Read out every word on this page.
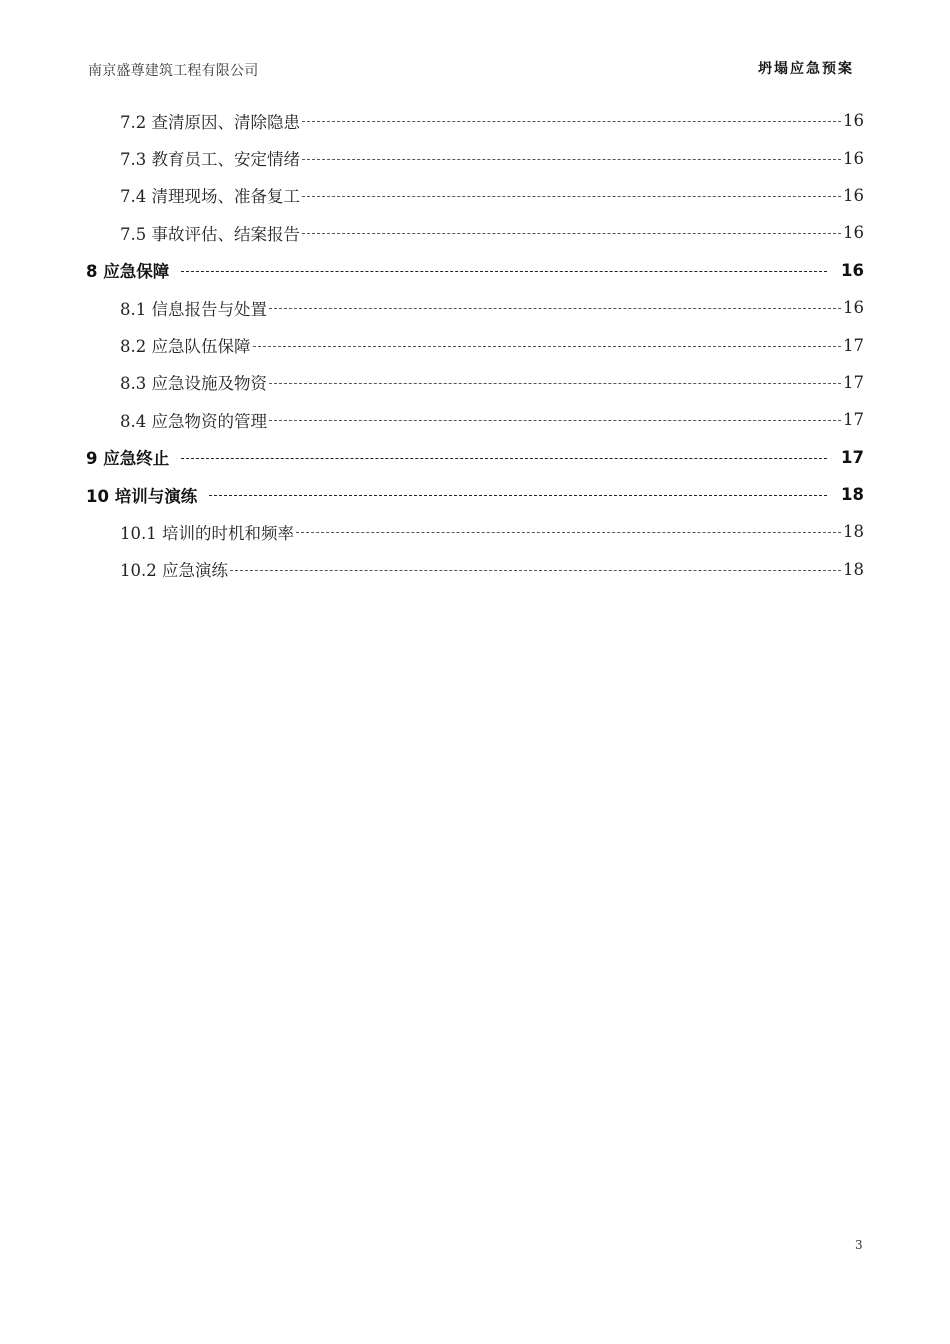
南京盛尊建筑工程有限公司	坍塌应急预案
7.2 查清原因、清除隐患	16
7.3 教育员工、安定情绪	16
7.4 清理现场、准备复工	16
7.5 事故评估、结案报告	16
8 应急保障	16
8.1 信息报告与处置	16
8.2 应急队伍保障	17
8.3 应急设施及物资	17
8.4 应急物资的管理	17
9 应急终止	17
10 培训与演练	18
10.1 培训的时机和频率	18
10.2 应急演练	18
3
